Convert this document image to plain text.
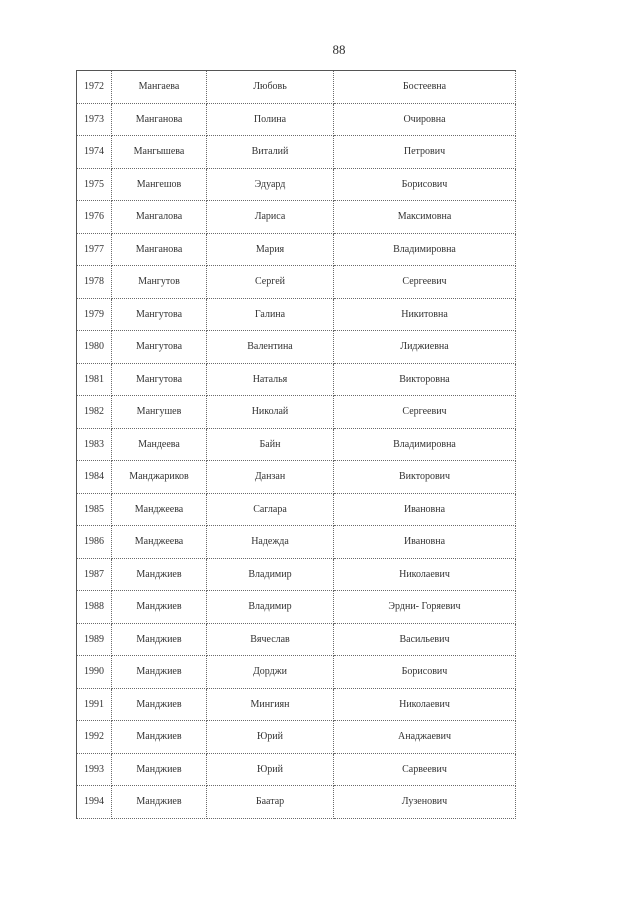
88
1972	Мангаева	Любовь	Бостеевна
1973	Манганова	Полина	Очировна
1974	Мангышева	Виталий	Петрович
1975	Мангешов	Эдуард	Борисович
1976	Мангалова	Лариса	Максимовна
1977	Манганова	Мария	Владимировна
1978	Мангутов	Сергей	Сергеевич
1979	Мангутова	Галина	Никитовна
1980	Мангутова	Валентина	Лиджиевна
1981	Мангутова	Наталья	Викторовна
1982	Мангушев	Николай	Сергеевич
1983	Мандеева	Байн	Владимировна
1984	Манджариков	Данзан	Викторович
1985	Манджеева	Саглара	Ивановна
1986	Манджеева	Надежда	Ивановна
1987	Манджиев	Владимир	Николаевич
1988	Манджиев	Владимир	Эрдни- Горяевич
1989	Манджиев	Вячеслав	Васильевич
1990	Манджиев	Дорджи	Борисович
1991	Манджиев	Мингиян	Николаевич
1992	Манджиев	Юрий	Анаджаевич
1993	Манджиев	Юрий	Сарвеевич
1994	Манджиев	Баатар	Лузенович
